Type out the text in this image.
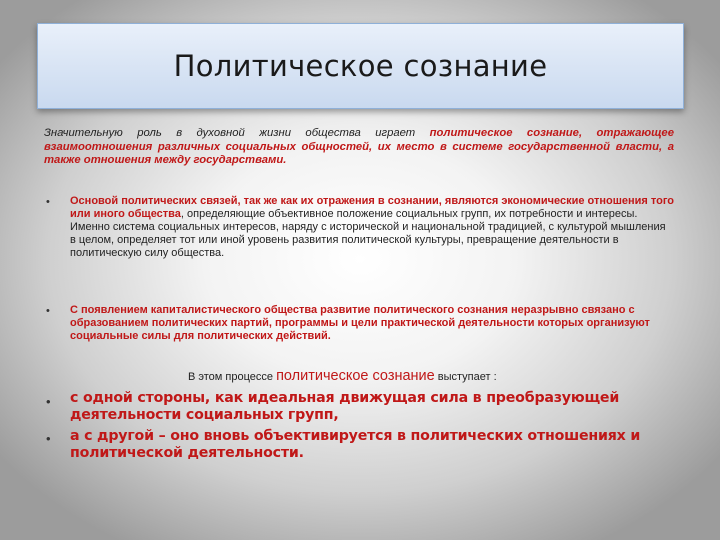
Политическое сознание

Значительную роль в духовной жизни общества играет политическое сознание, отражающее взаимоотношения различных социальных общностей, их место в системе государственной власти, а также отношения между государствами.

• Основой политических связей, так же как их отражения в сознании, являются экономические отношения того или иного общества, определяющие объективное положение социальных групп, их потребности и интересы. Именно система социальных интересов, наряду с исторической и национальной традицией, с культурой мышления в целом, определяет тот или иной уровень развития политической культуры, превращение деятельности в политическую силу общества.

• С появлением капиталистического общества развитие политического сознания неразрывно связано с образованием политических партий, программы и цели практической деятельности которых организуют социальные силы для политических действий.

В этом процессе политическое сознание выступает :

• с одной стороны, как идеальная движущая сила в преобразующей деятельности социальных групп,

• а с другой – оно вновь объективируется в политических отношениях и политической деятельности.
